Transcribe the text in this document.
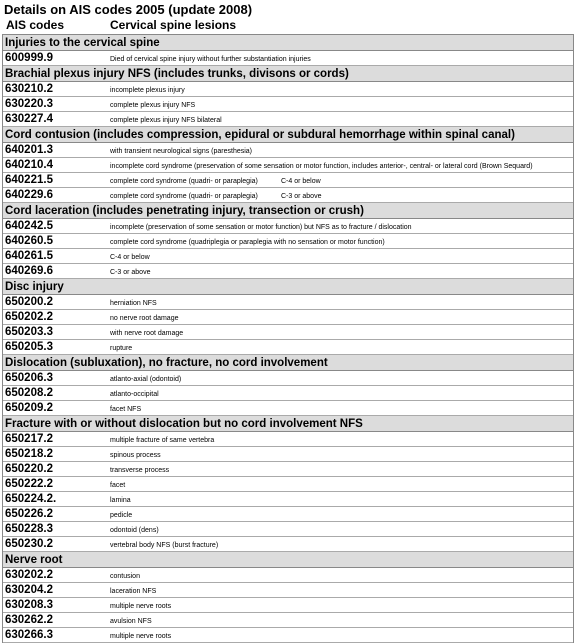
Details on AIS codes 2005 (update 2008)
AIS codes	Cervical spine lesions
Injuries to the cervical spine
600999.9	Died of cervical spine injury without further substantiation injuries
Brachial plexus injury NFS (includes trunks, divisons or cords)
630210.2	incomplete plexus injury
630220.3	complete plexus injury NFS
630227.4	complete plexus injury NFS bilateral
Cord contusion (includes compression, epidural or subdural hemorrhage within spinal canal)
640201.3	with transient neurological signs (paresthesia)
640210.4	incomplete cord syndrome (preservation of some sensation or motor function, includes anterior-, central- or lateral cord (Brown Sequard)
640221.5	complete cord syndrome (quadri- or paraplegia)	C-4 or below
640229.6	complete cord syndrome (quadri- or paraplegia)	C-3 or above
Cord laceration (includes penetrating injury, transection or crush)
640242.5	incomplete (preservation of some sensation or motor function) but NFS as to fracture / dislocation
640260.5	complete cord syndrome (quadriplegia or paraplegia with no sensation or motor function)
640261.5	C-4 or below
640269.6	C-3 or above
Disc injury
650200.2	herniation NFS
650202.2	no nerve root damage
650203.3	with nerve root damage
650205.3	rupture
Dislocation (subluxation), no fracture, no cord involvement
650206.3	atlanto-axial (odontoid)
650208.2	atlanto-occipital
650209.2	facet NFS
Fracture with or without dislocation but no cord involvement NFS
650217.2	multiple fracture of same vertebra
650218.2	spinous process
650220.2	transverse process
650222.2	facet
650224.2.	lamina
650226.2	pedicle
650228.3	odontoid (dens)
650230.2	vertebral body NFS (burst fracture)
Nerve root
630202.2	contusion
630204.2	laceration NFS
630208.3	multiple nerve roots
630262.2	avulsion NFS
630266.3	multiple nerve roots
